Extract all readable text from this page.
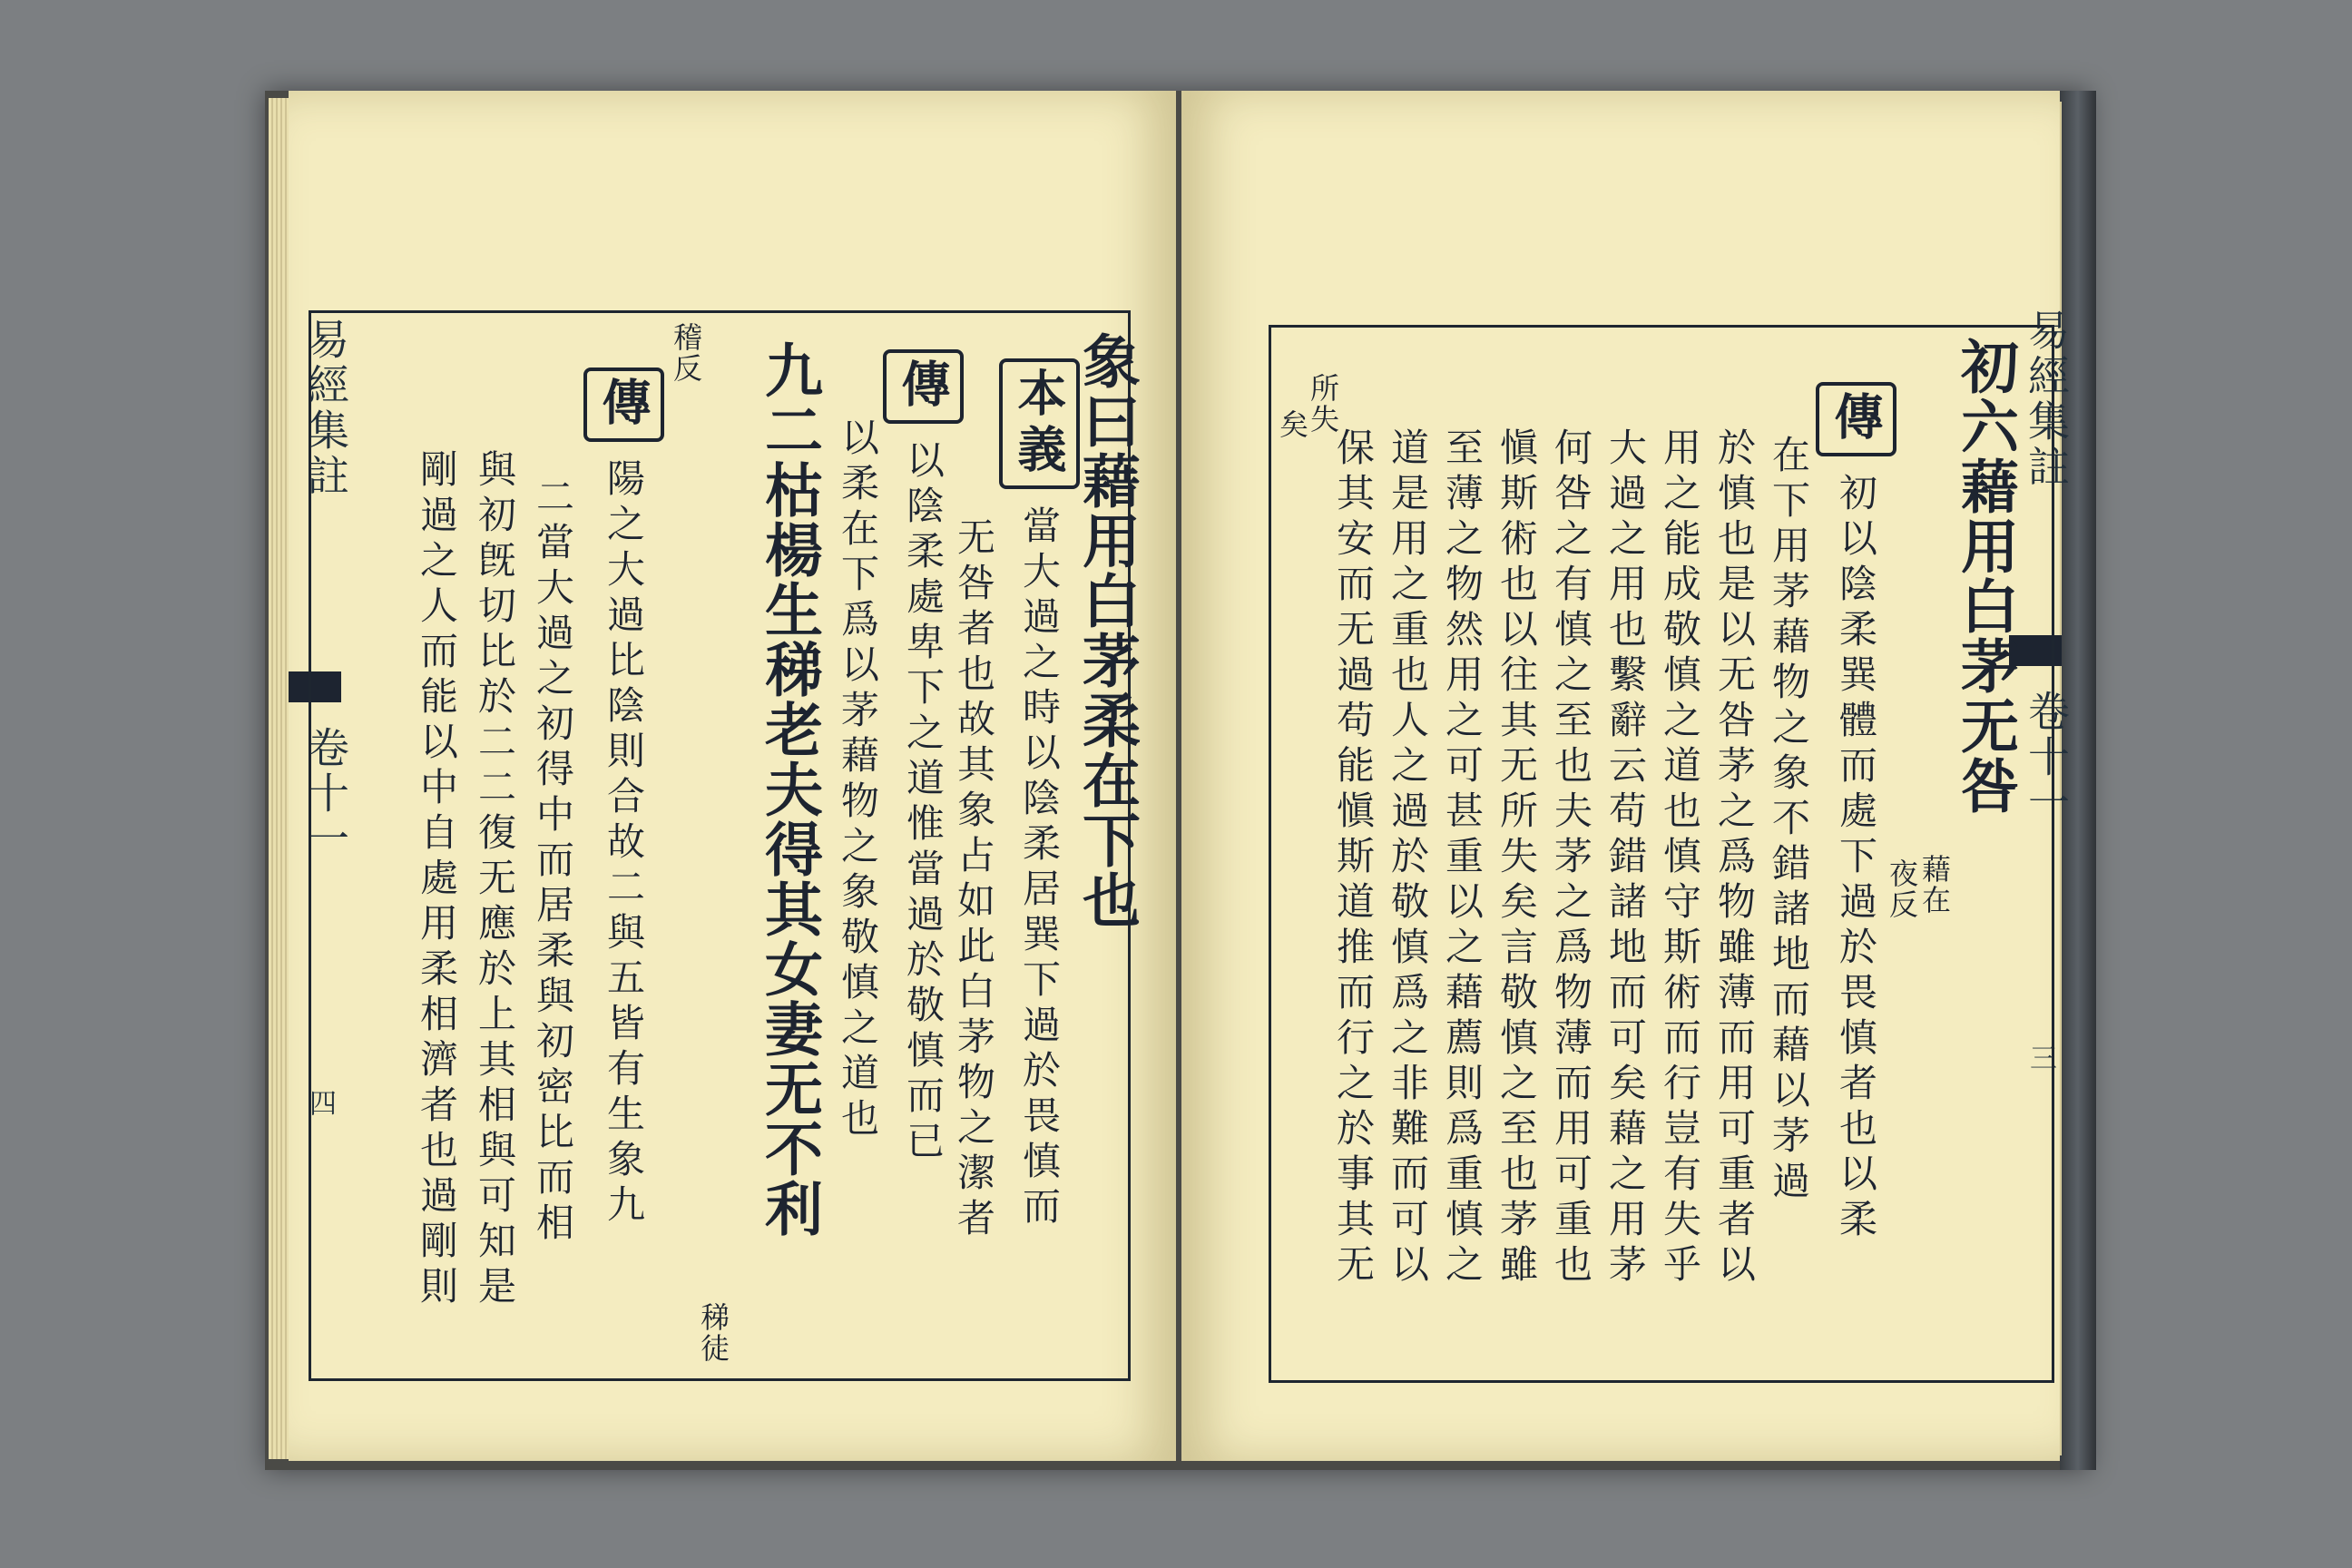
易經集註
卷十一
四
象曰藉用白茅柔在下也
本義當大過之時以陰柔居巽下過於畏慎而
无咎者也故其象占如此白茅物之潔者
傳以陰柔處卑下之道惟當過於敬慎而已
以柔在下爲以茅藉物之象敬慎之道也
九二枯楊生稊老夫得其女妻无不利
稊徒
稽反
傳陽之大過比陰則合故二與五皆有生象九
二當大過之初得中而居柔與初密比而相
與初旣切比於二二復无應於上其相與可知是
剛過之人而能以中自處用柔相濟者也過剛則
易經集註
卷十一
三
初六藉用白茅无咎
藉在
夜反
傳初以陰柔巽體而處下過於畏慎者也以柔
在下用茅藉物之象不錯諸地而藉以茅過
於慎也是以无咎茅之爲物雖薄而用可重者以
用之能成敬慎之道也慎守斯術而行豈有失乎
大過之用也繫辭云苟錯諸地而可矣藉之用茅
何咎之有慎之至也夫茅之爲物薄而用可重也
愼斯術也以往其无所失矣言敬慎之至也茅雖
至薄之物然用之可甚重以之藉薦則爲重慎之
道是用之重也人之過於敬慎爲之非難而可以
保其安而无過苟能愼斯道推而行之於事其无
所失
矣
